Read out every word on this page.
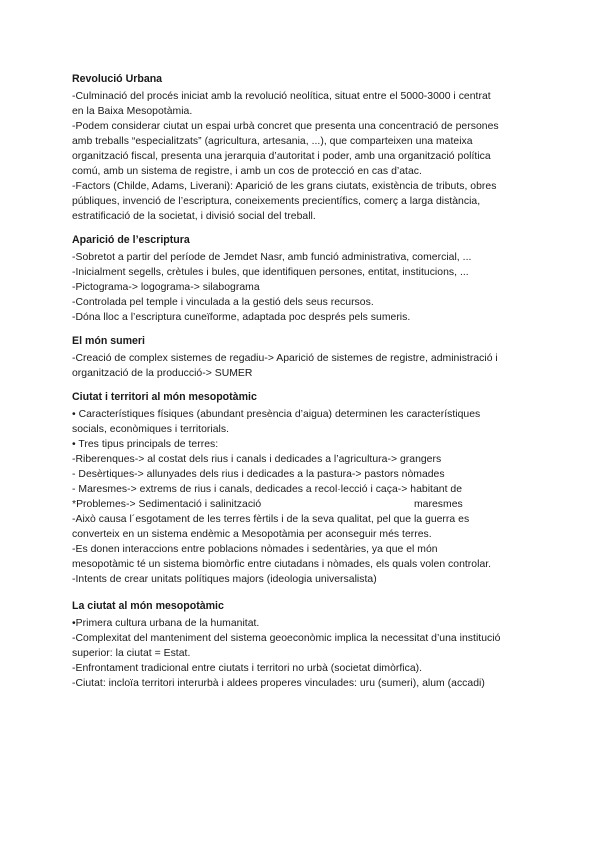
Revolució Urbana
-Culminació del procés iniciat amb la revolució neolítica, situat entre el 5000-3000 i centrat
en la Baixa Mesopotàmia.
-Podem considerar ciutat un espai urbà concret que presenta una concentració de persones
amb treballs “especialitzats” (agricultura, artesania, ...), que comparteixen una mateixa
organització fiscal, presenta una jerarquia d’autoritat i poder, amb una organització política
comú, amb un sistema de registre, i amb un cos de protecció en cas d’atac.
-Factors (Childe, Adams, Liverani): Aparició de les grans ciutats, existència de tributs, obres
públiques, invenció de l’escriptura, coneixements precientífics, comerç a larga distància,
estratificació de la societat, i divisió social del treball.
Aparició de l’escriptura
-Sobretot a partir del període de Jemdet Nasr, amb funció administrativa, comercial, ...
-Inicialment segells, crètules i bules, que identifiquen persones, entitat, institucions, ...
-Pictograma-> logograma-> silabograma
-Controlada pel temple i vinculada a la gestió dels seus recursos.
-Dóna lloc a l’escriptura cuneïforme, adaptada poc després pels sumeris.
El món sumeri
-Creació de complex sistemes de regadiu-> Aparició de sistemes de registre, administració i
organització de la producció-> SUMER
Ciutat i territori al món mesopotàmic
• Característiques físiques (abundant presència d’aigua) determinen les característiques
socials, econòmiques i territorials.
• Tres tipus principals de terres:
-Riberenques-> al costat dels rius i canals i dedicades a l’agricultura-> grangers
- Desèrtiques-> allunyades dels rius i dedicades a la pastura-> pastors nòmades
- Maresmes-> extrems de rius i canals, dedicades a recol·lecció i caça-> habitant de
*Problemes-> Sedimentació i salinització	maresmes
-Això causa l´esgotament de les terres fèrtils i de la seva qualitat, pel que la guerra es
converteix en un sistema endèmic a Mesopotàmia per aconseguir més terres.
-Es donen interaccions entre poblacions nòmades i sedentàries, ya que el món
mesopotàmic té un sistema biomòrfic entre ciutadans i nòmades, els quals volen controlar.
-Intents de crear unitats polítiques majors (ideologia universalista)
La ciutat al món mesopotàmic
•Primera cultura urbana de la humanitat.
-Complexitat del manteniment del sistema geoeconòmic implica la necessitat d’una institució
superior: la ciutat = Estat.
-Enfrontament tradicional entre ciutats i territori no urbà (societat dimòrfica).
-Ciutat: incloïa territori interurbà i aldees properes vinculades: uru (sumeri), alum (accadi)
